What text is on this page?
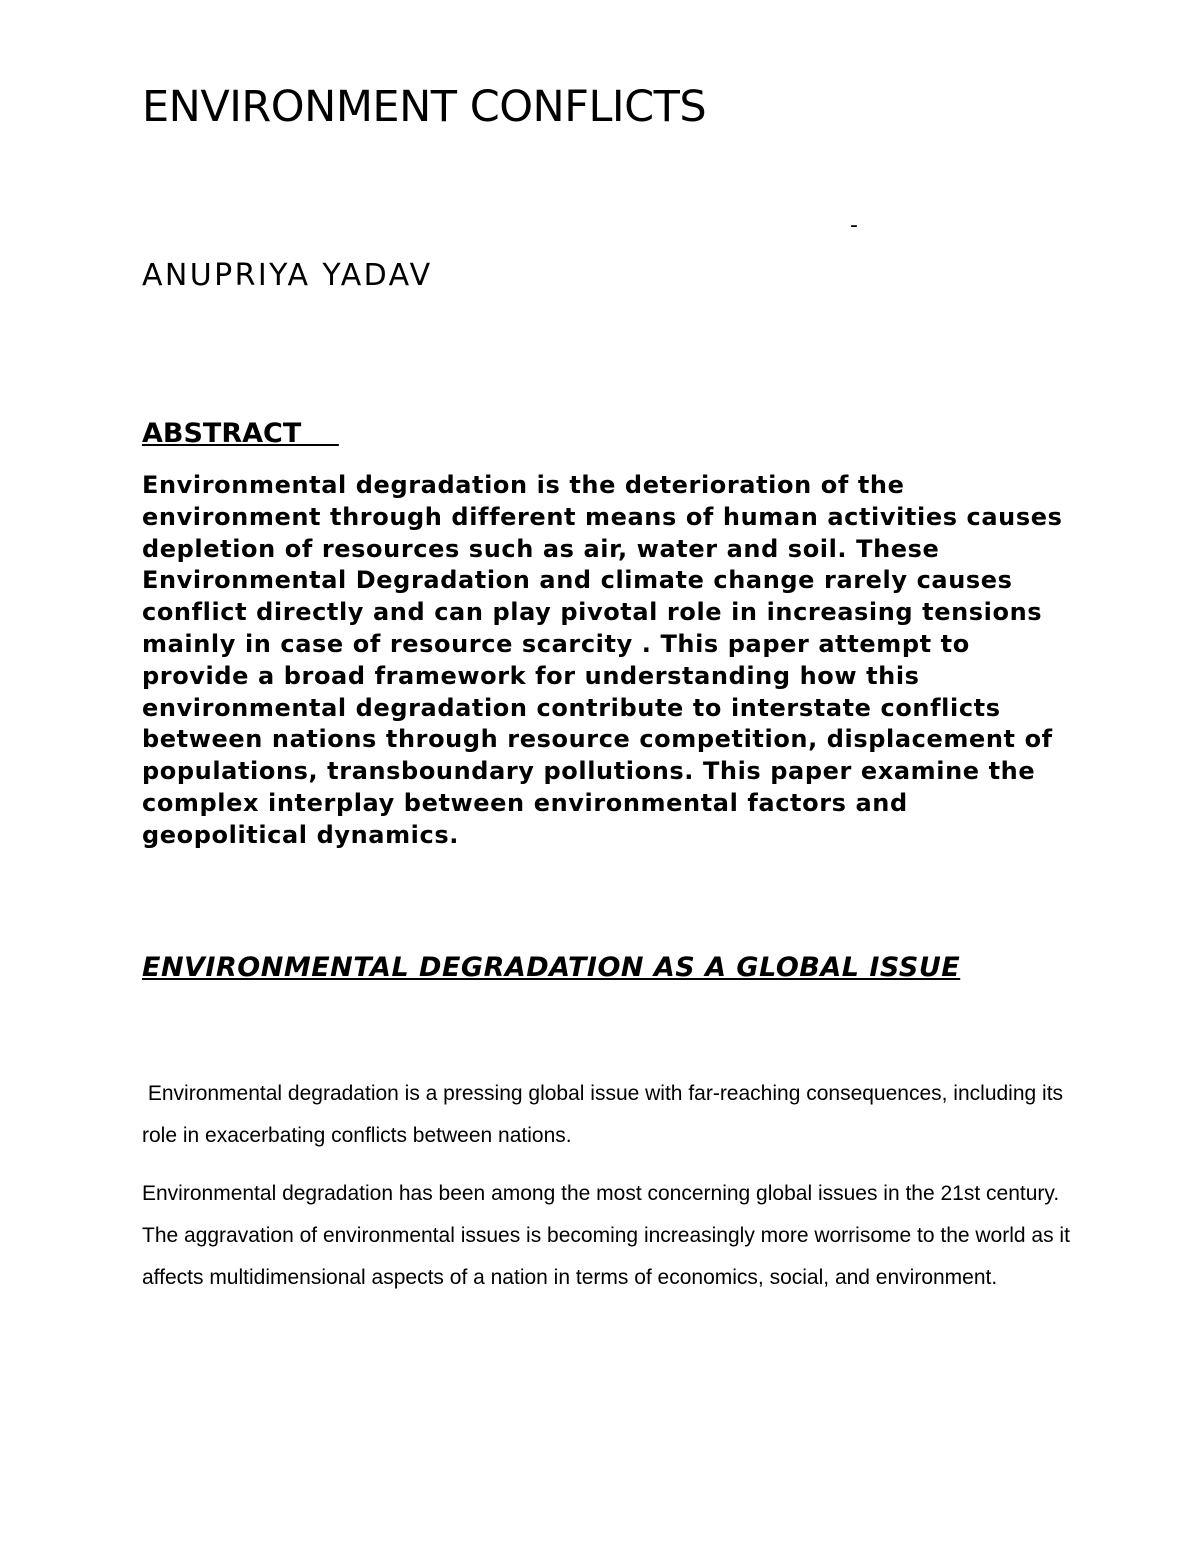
ENVIRONMENT CONFLICTS
-
ANUPRIYA YADAV
ABSTRACT

Environmental degradation is the deterioration of the environment through different means of human activities causes depletion of resources such as air, water and soil. These Environmental Degradation and climate change rarely causes conflict directly and can play pivotal role in increasing tensions mainly in case of resource scarcity . This paper attempt to provide a broad framework for understanding how this environmental degradation contribute to interstate conflicts between nations through resource competition, displacement of populations, transboundary pollutions. This paper examine the complex interplay between environmental factors and geopolitical dynamics.

ENVIRONMENTAL DEGRADATION AS A GLOBAL ISSUE

Environmental degradation is a pressing global issue with far-reaching consequences, including its role in exacerbating conflicts between nations.

Environmental degradation has been among the most concerning global issues in the 21st century. The aggravation of environmental issues is becoming increasingly more worrisome to the world as it affects multidimensional aspects of a nation in terms of economics, social, and environment.
